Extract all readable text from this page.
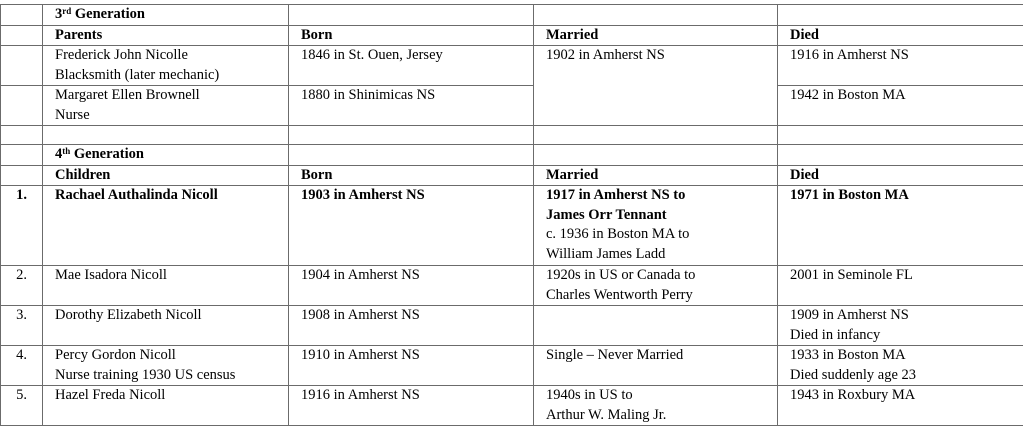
	3rd Generation			
	Parents	Born	Married	Died

	Frederick John Nicolle
Blacksmith (later mechanic)	1846 in St. Ouen, Jersey	1902 in Amherst NS	1916 in Amherst NS

	Margaret Ellen Brownell
Nurse	1880 in Shinimicas NS		1942 in Boston MA

	4th Generation			
	Children	Born	Married	Died
1.	Rachael Authalinda Nicoll	1903 in Amherst NS	1917 in Amherst NS to
James Orr Tennant
c. 1936 in Boston MA to
William James Ladd	1971 in Boston MA
2.	Mae Isadora Nicoll	1904 in Amherst NS	1920s in US or Canada to
Charles Wentworth Perry	2001 in Seminole FL
3.	Dorothy Elizabeth Nicoll	1908 in Amherst NS		1909 in Amherst NS
Died in infancy

4.	Percy Gordon Nicoll
Nurse training 1930 US census	1910 in Amherst NS	Single – Never Married	1933 in Boston MA
Died suddenly age 23

5.	Hazel Freda Nicoll	1916 in Amherst NS	1940s in US to
Arthur W. Maling Jr.	1943 in Roxbury MA
